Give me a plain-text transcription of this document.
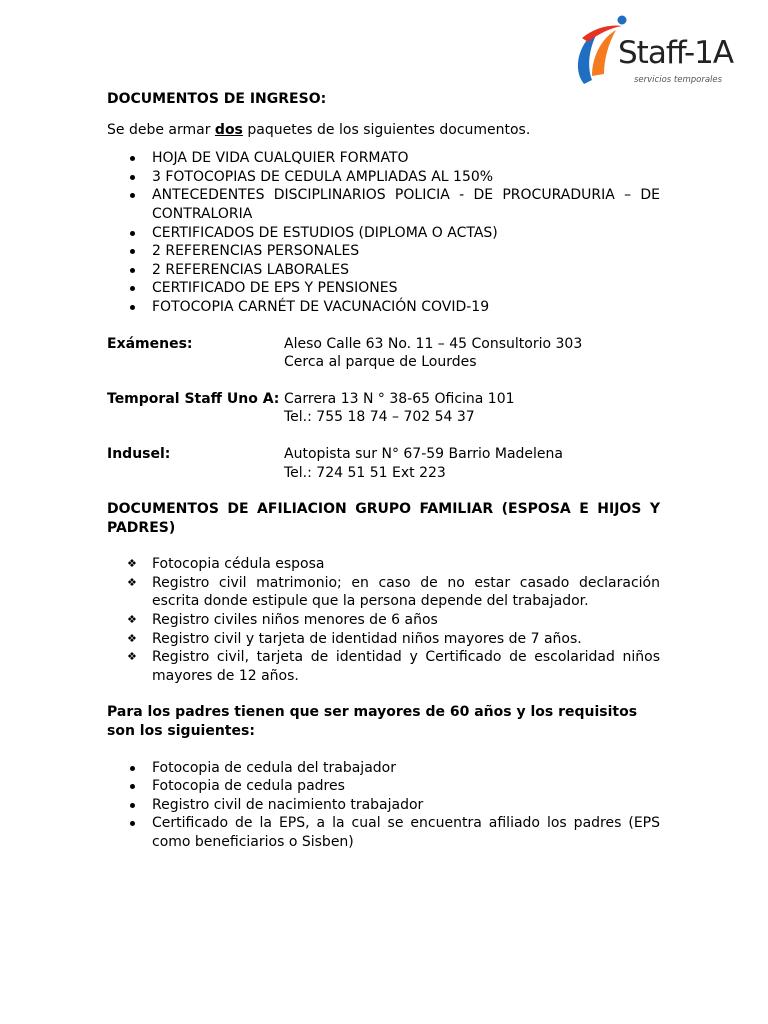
Staff-1A
servicios temporales

DOCUMENTOS DE INGRESO:

Se debe armar dos paquetes de los siguientes documentos.

HOJA DE VIDA CUALQUIER FORMATO
3 FOTOCOPIAS DE CEDULA AMPLIADAS AL 150%
ANTECEDENTES DISCIPLINARIOS POLICIA - DE PROCURADURIA – DE CONTRALORIA
CERTIFICADOS DE ESTUDIOS (DIPLOMA O ACTAS)
2 REFERENCIAS PERSONALES
2 REFERENCIAS LABORALES
CERTIFICADO DE EPS Y PENSIONES
FOTOCOPIA CARNÉT DE VACUNACIÓN COVID-19
Exámenes:	Aleso Calle 63 No. 11 – 45 Consultorio 303

Cerca al parque de Lourdes

Temporal Staff Uno A: Carrera 13 N ° 38-65 Oficina 101

Tel.: 755 18 74 – 702 54 37

Indusel:	Autopista sur N° 67-59 Barrio Madelena

Tel.: 724 51 51 Ext 223

DOCUMENTOS DE AFILIACION GRUPO FAMILIAR (ESPOSA E HIJOS Y PADRES)

❖ Fotocopia cédula esposa
❖ Registro civil matrimonio; en caso de no estar casado declaración escrita donde estipule que la persona depende del trabajador.
❖ Registro civiles niños menores de 6 años
❖ Registro civil y tarjeta de identidad niños mayores de 7 años.
❖ Registro civil, tarjeta de identidad y Certificado de escolaridad niños mayores de 12 años.

Para los padres tienen que ser mayores de 60 años y los requisitos son los siguientes:

Fotocopia de cedula del trabajador
Fotocopia de cedula padres
Registro civil de nacimiento trabajador
Certificado de la EPS, a la cual se encuentra afiliado los padres (EPS como beneficiarios o Sisben)
